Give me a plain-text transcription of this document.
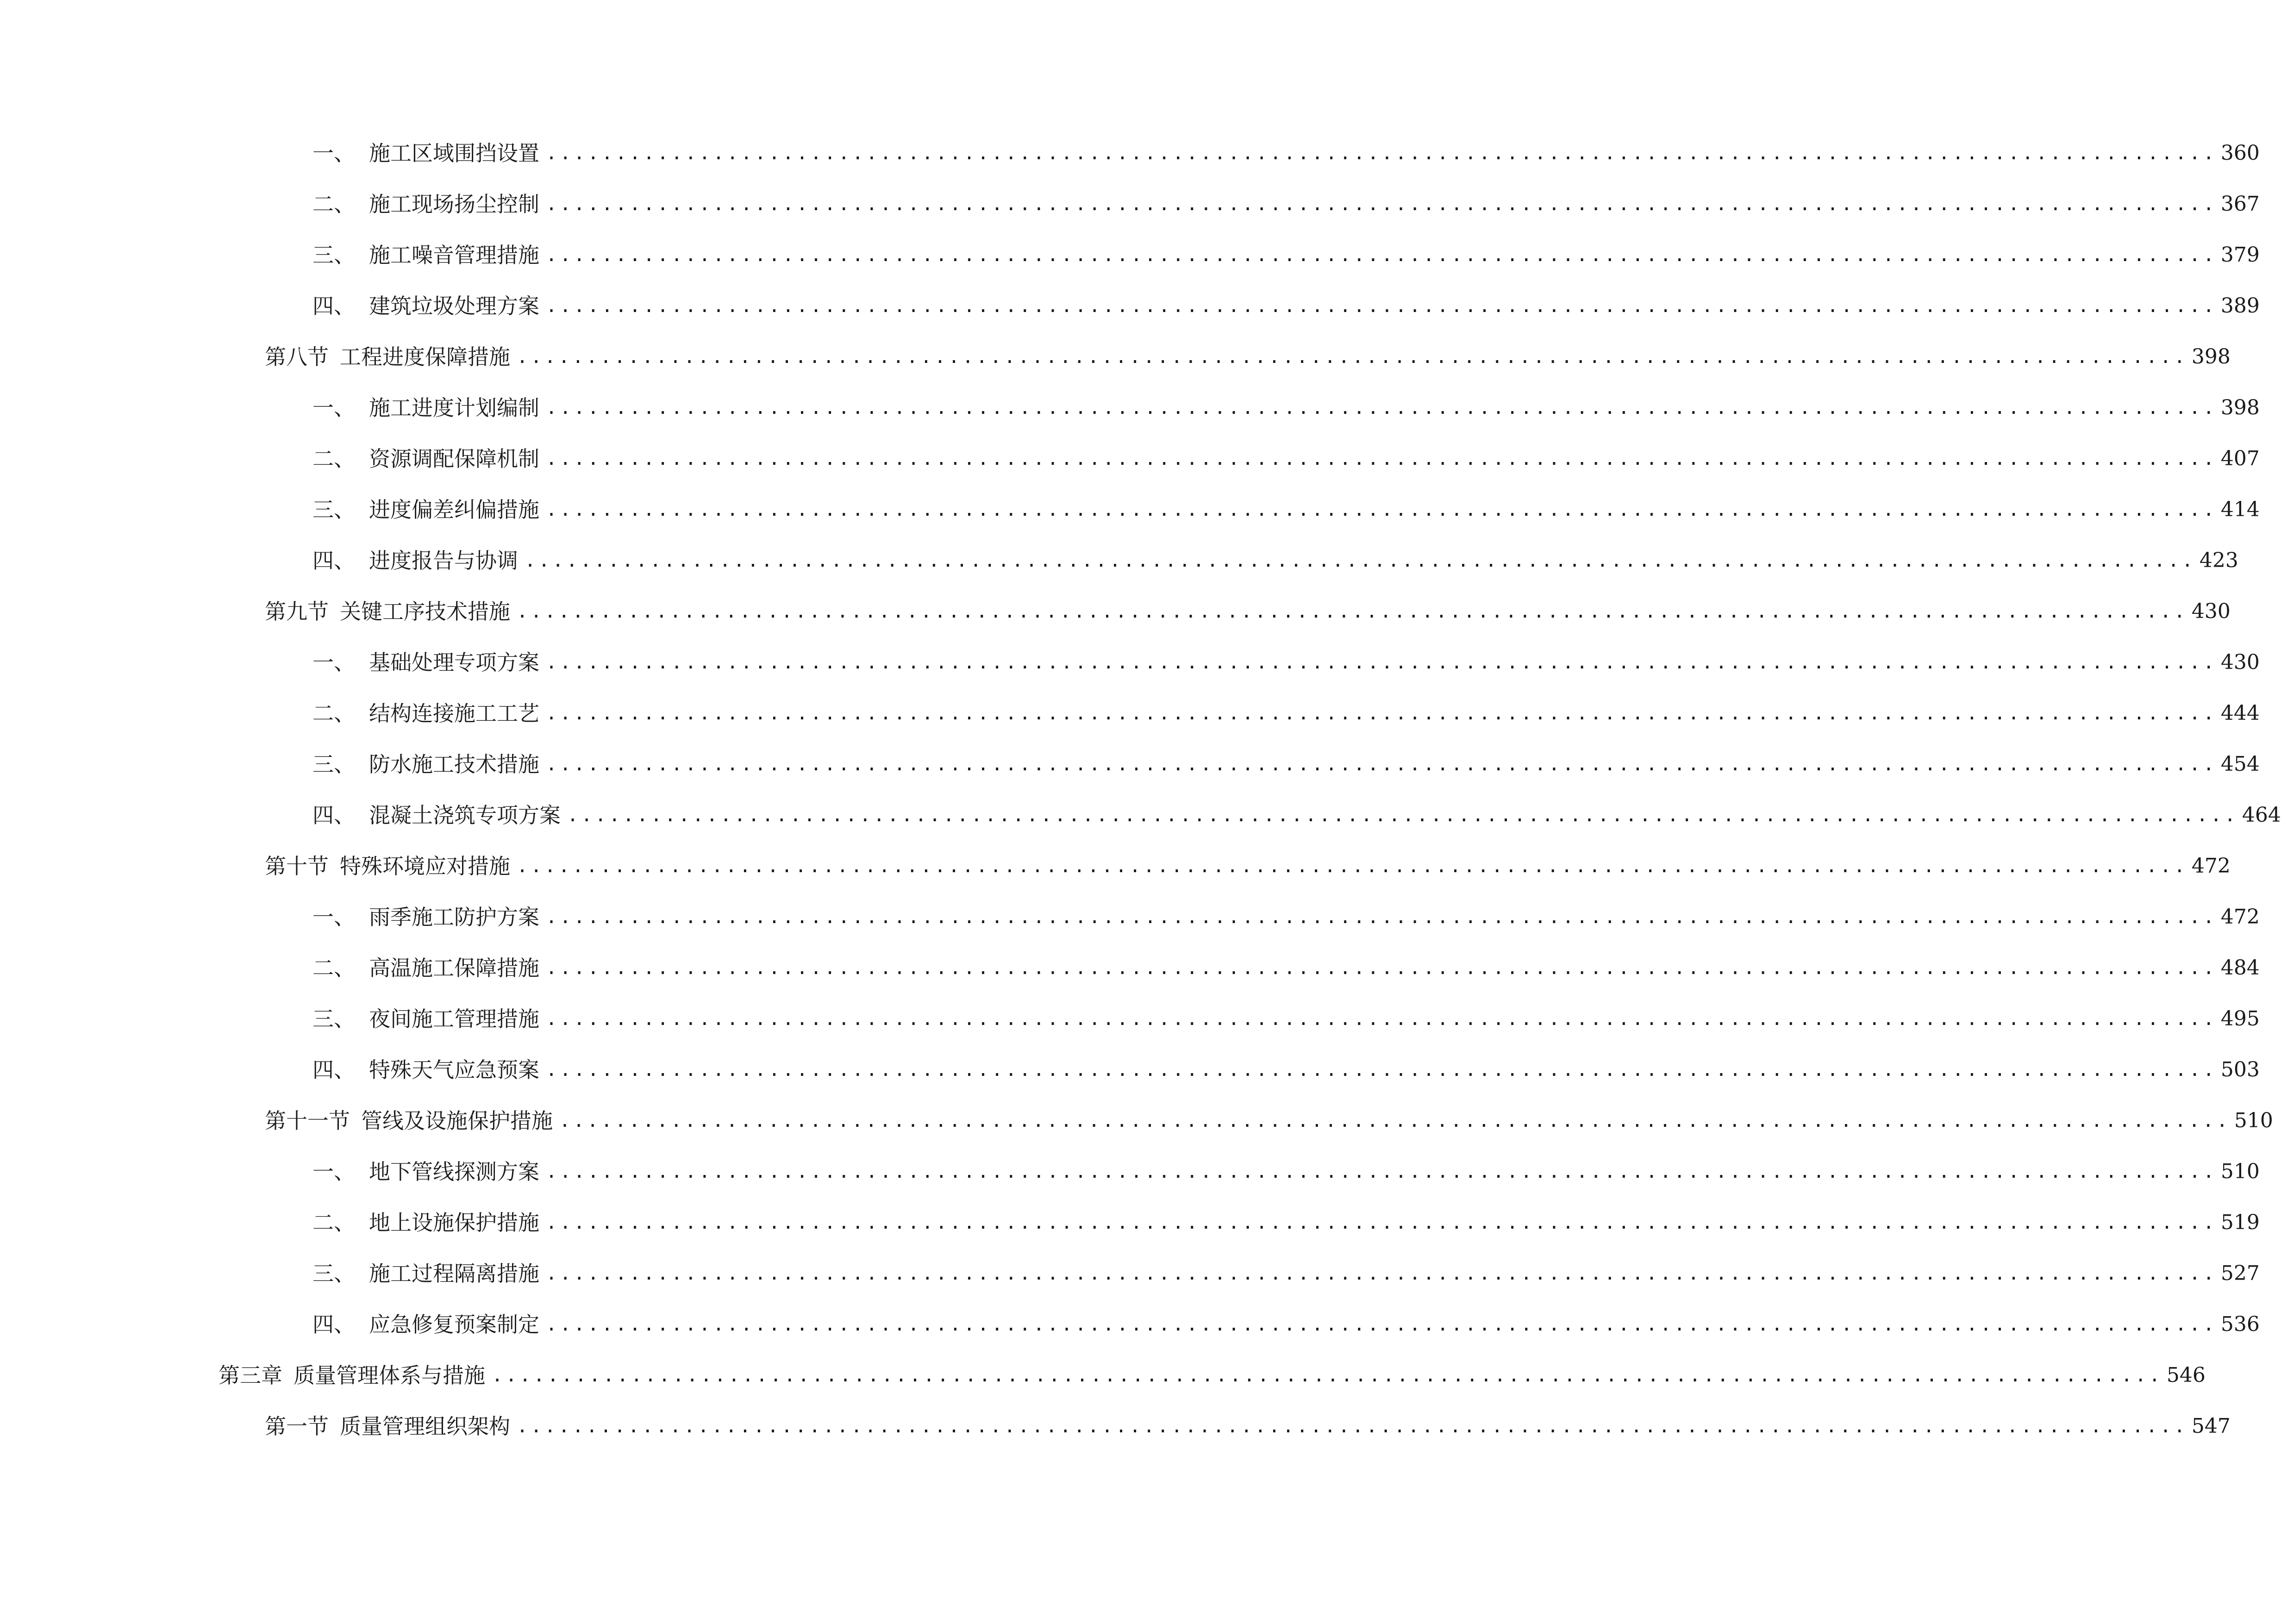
一、 施工区域围挡设置 ........................................................................................................................ 360
二、 施工现场扬尘控制 ........................................................................................................................ 367
三、 施工噪音管理措施 ........................................................................................................................ 379
四、 建筑垃圾处理方案 ........................................................................................................................ 389
第八节 工程进度保障措施 ........................................................................................................................ 398
一、 施工进度计划编制 ........................................................................................................................ 398
二、 资源调配保障机制 ........................................................................................................................ 407
三、 进度偏差纠偏措施 ........................................................................................................................ 414
四、 进度报告与协调 ........................................................................................................................ 423
第九节 关键工序技术措施 ........................................................................................................................ 430
一、 基础处理专项方案 ........................................................................................................................ 430
二、 结构连接施工工艺 ........................................................................................................................ 444
三、 防水施工技术措施 ........................................................................................................................ 454
四、 混凝土浇筑专项方案 ........................................................................................................................ 464
第十节 特殊环境应对措施 ........................................................................................................................ 472
一、 雨季施工防护方案 ........................................................................................................................ 472
二、 高温施工保障措施 ........................................................................................................................ 484
三、 夜间施工管理措施 ........................................................................................................................ 495
四、 特殊天气应急预案 ........................................................................................................................ 503
第十一节 管线及设施保护措施 ........................................................................................................................ 510
一、 地下管线探测方案 ........................................................................................................................ 510
二、 地上设施保护措施 ........................................................................................................................ 519
三、 施工过程隔离措施 ........................................................................................................................ 527
四、 应急修复预案制定 ........................................................................................................................ 536
第三章 质量管理体系与措施 ........................................................................................................................ 546
第一节 质量管理组织架构 ........................................................................................................................ 547
